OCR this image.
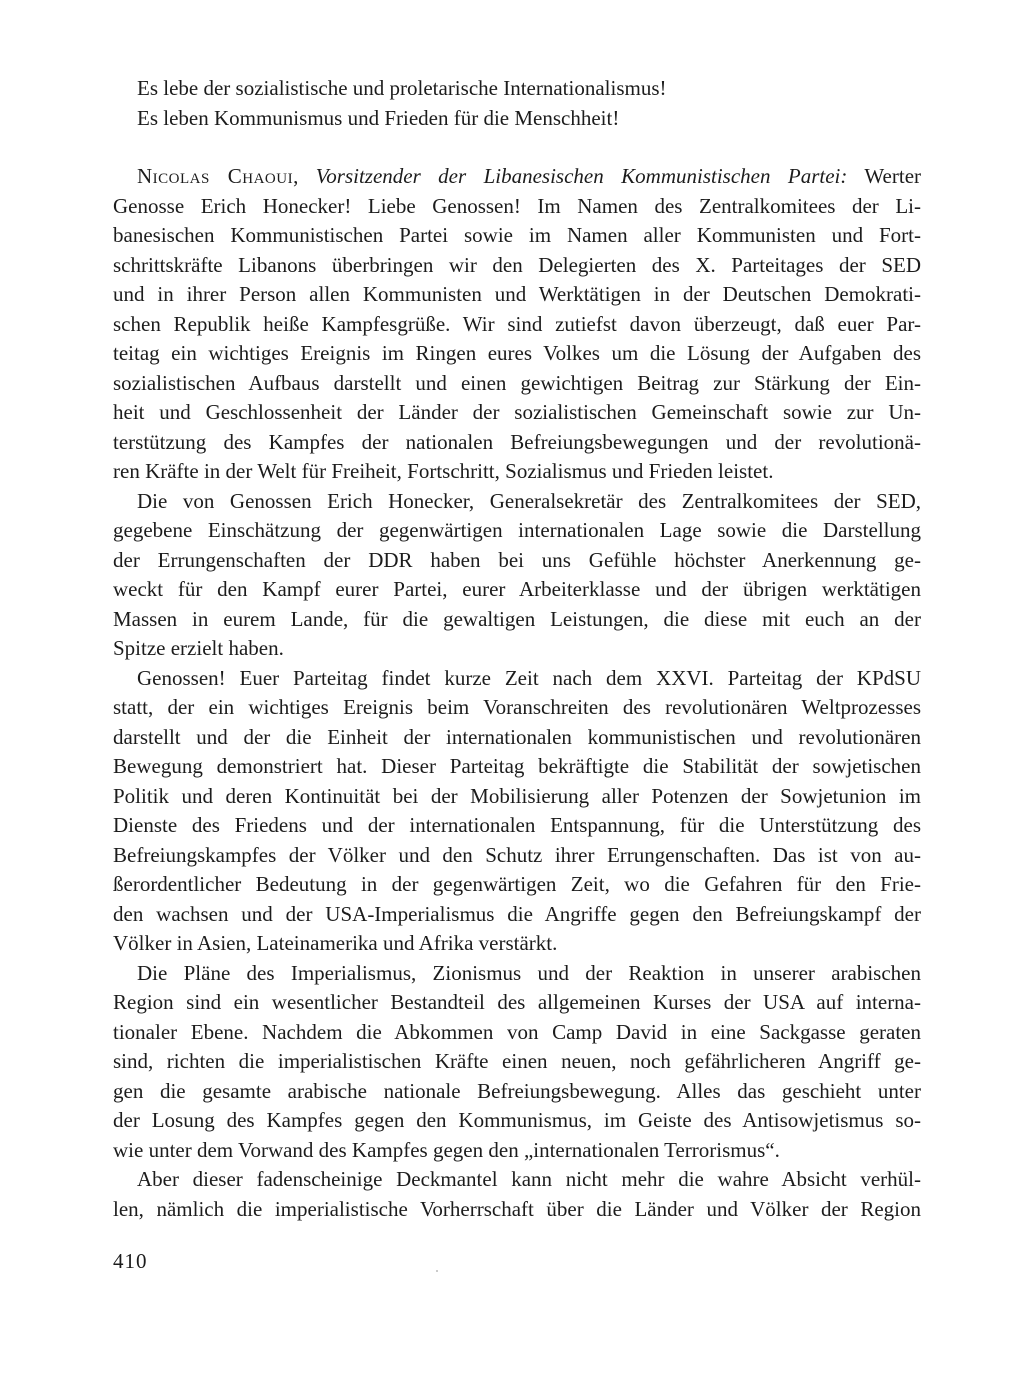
Es lebe der sozialistische und proletarische Internationalismus!
Es leben Kommunismus und Frieden für die Menschheit!
Nicolas Chaoui, Vorsitzender der Libanesischen Kommunistischen Partei: Werter
Genosse Erich Honecker! Liebe Genossen! Im Namen des Zentralkomitees der Li-
banesischen Kommunistischen Partei sowie im Namen aller Kommunisten und Fort-
schrittskräfte Libanons überbringen wir den Delegierten des X. Parteitages der SED
und in ihrer Person allen Kommunisten und Werktätigen in der Deutschen Demokrati-
schen Republik heiße Kampfesgrüße. Wir sind zutiefst davon überzeugt, daß euer Par-
teitag ein wichtiges Ereignis im Ringen eures Volkes um die Lösung der Aufgaben des
sozialistischen Aufbaus darstellt und einen gewichtigen Beitrag zur Stärkung der Ein-
heit und Geschlossenheit der Länder der sozialistischen Gemeinschaft sowie zur Un-
terstützung des Kampfes der nationalen Befreiungsbewegungen und der revolutionä-
ren Kräfte in der Welt für Freiheit, Fortschritt, Sozialismus und Frieden leistet.
Die von Genossen Erich Honecker, Generalsekretär des Zentralkomitees der SED,
gegebene Einschätzung der gegenwärtigen internationalen Lage sowie die Darstellung
der Errungenschaften der DDR haben bei uns Gefühle höchster Anerkennung ge-
weckt für den Kampf eurer Partei, eurer Arbeiterklasse und der übrigen werktätigen
Massen in eurem Lande, für die gewaltigen Leistungen, die diese mit euch an der
Spitze erzielt haben.
Genossen! Euer Parteitag findet kurze Zeit nach dem XXVI. Parteitag der KPdSU
statt, der ein wichtiges Ereignis beim Voranschreiten des revolutionären Weltprozesses
darstellt und der die Einheit der internationalen kommunistischen und revolutionären
Bewegung demonstriert hat. Dieser Parteitag bekräftigte die Stabilität der sowjetischen
Politik und deren Kontinuität bei der Mobilisierung aller Potenzen der Sowjetunion im
Dienste des Friedens und der internationalen Entspannung, für die Unterstützung des
Befreiungskampfes der Völker und den Schutz ihrer Errungenschaften. Das ist von au-
ßerordentlicher Bedeutung in der gegenwärtigen Zeit, wo die Gefahren für den Frie-
den wachsen und der USA-Imperialismus die Angriffe gegen den Befreiungskampf der
Völker in Asien, Lateinamerika und Afrika verstärkt.
Die Pläne des Imperialismus, Zionismus und der Reaktion in unserer arabischen
Region sind ein wesentlicher Bestandteil des allgemeinen Kurses der USA auf interna-
tionaler Ebene. Nachdem die Abkommen von Camp David in eine Sackgasse geraten
sind, richten die imperialistischen Kräfte einen neuen, noch gefährlicheren Angriff ge-
gen die gesamte arabische nationale Befreiungsbewegung. Alles das geschieht unter
der Losung des Kampfes gegen den Kommunismus, im Geiste des Antisowjetismus so-
wie unter dem Vorwand des Kampfes gegen den „internationalen Terrorismus“.
Aber dieser fadenscheinige Deckmantel kann nicht mehr die wahre Absicht verhül-
len, nämlich die imperialistische Vorherrschaft über die Länder und Völker der Region
410
